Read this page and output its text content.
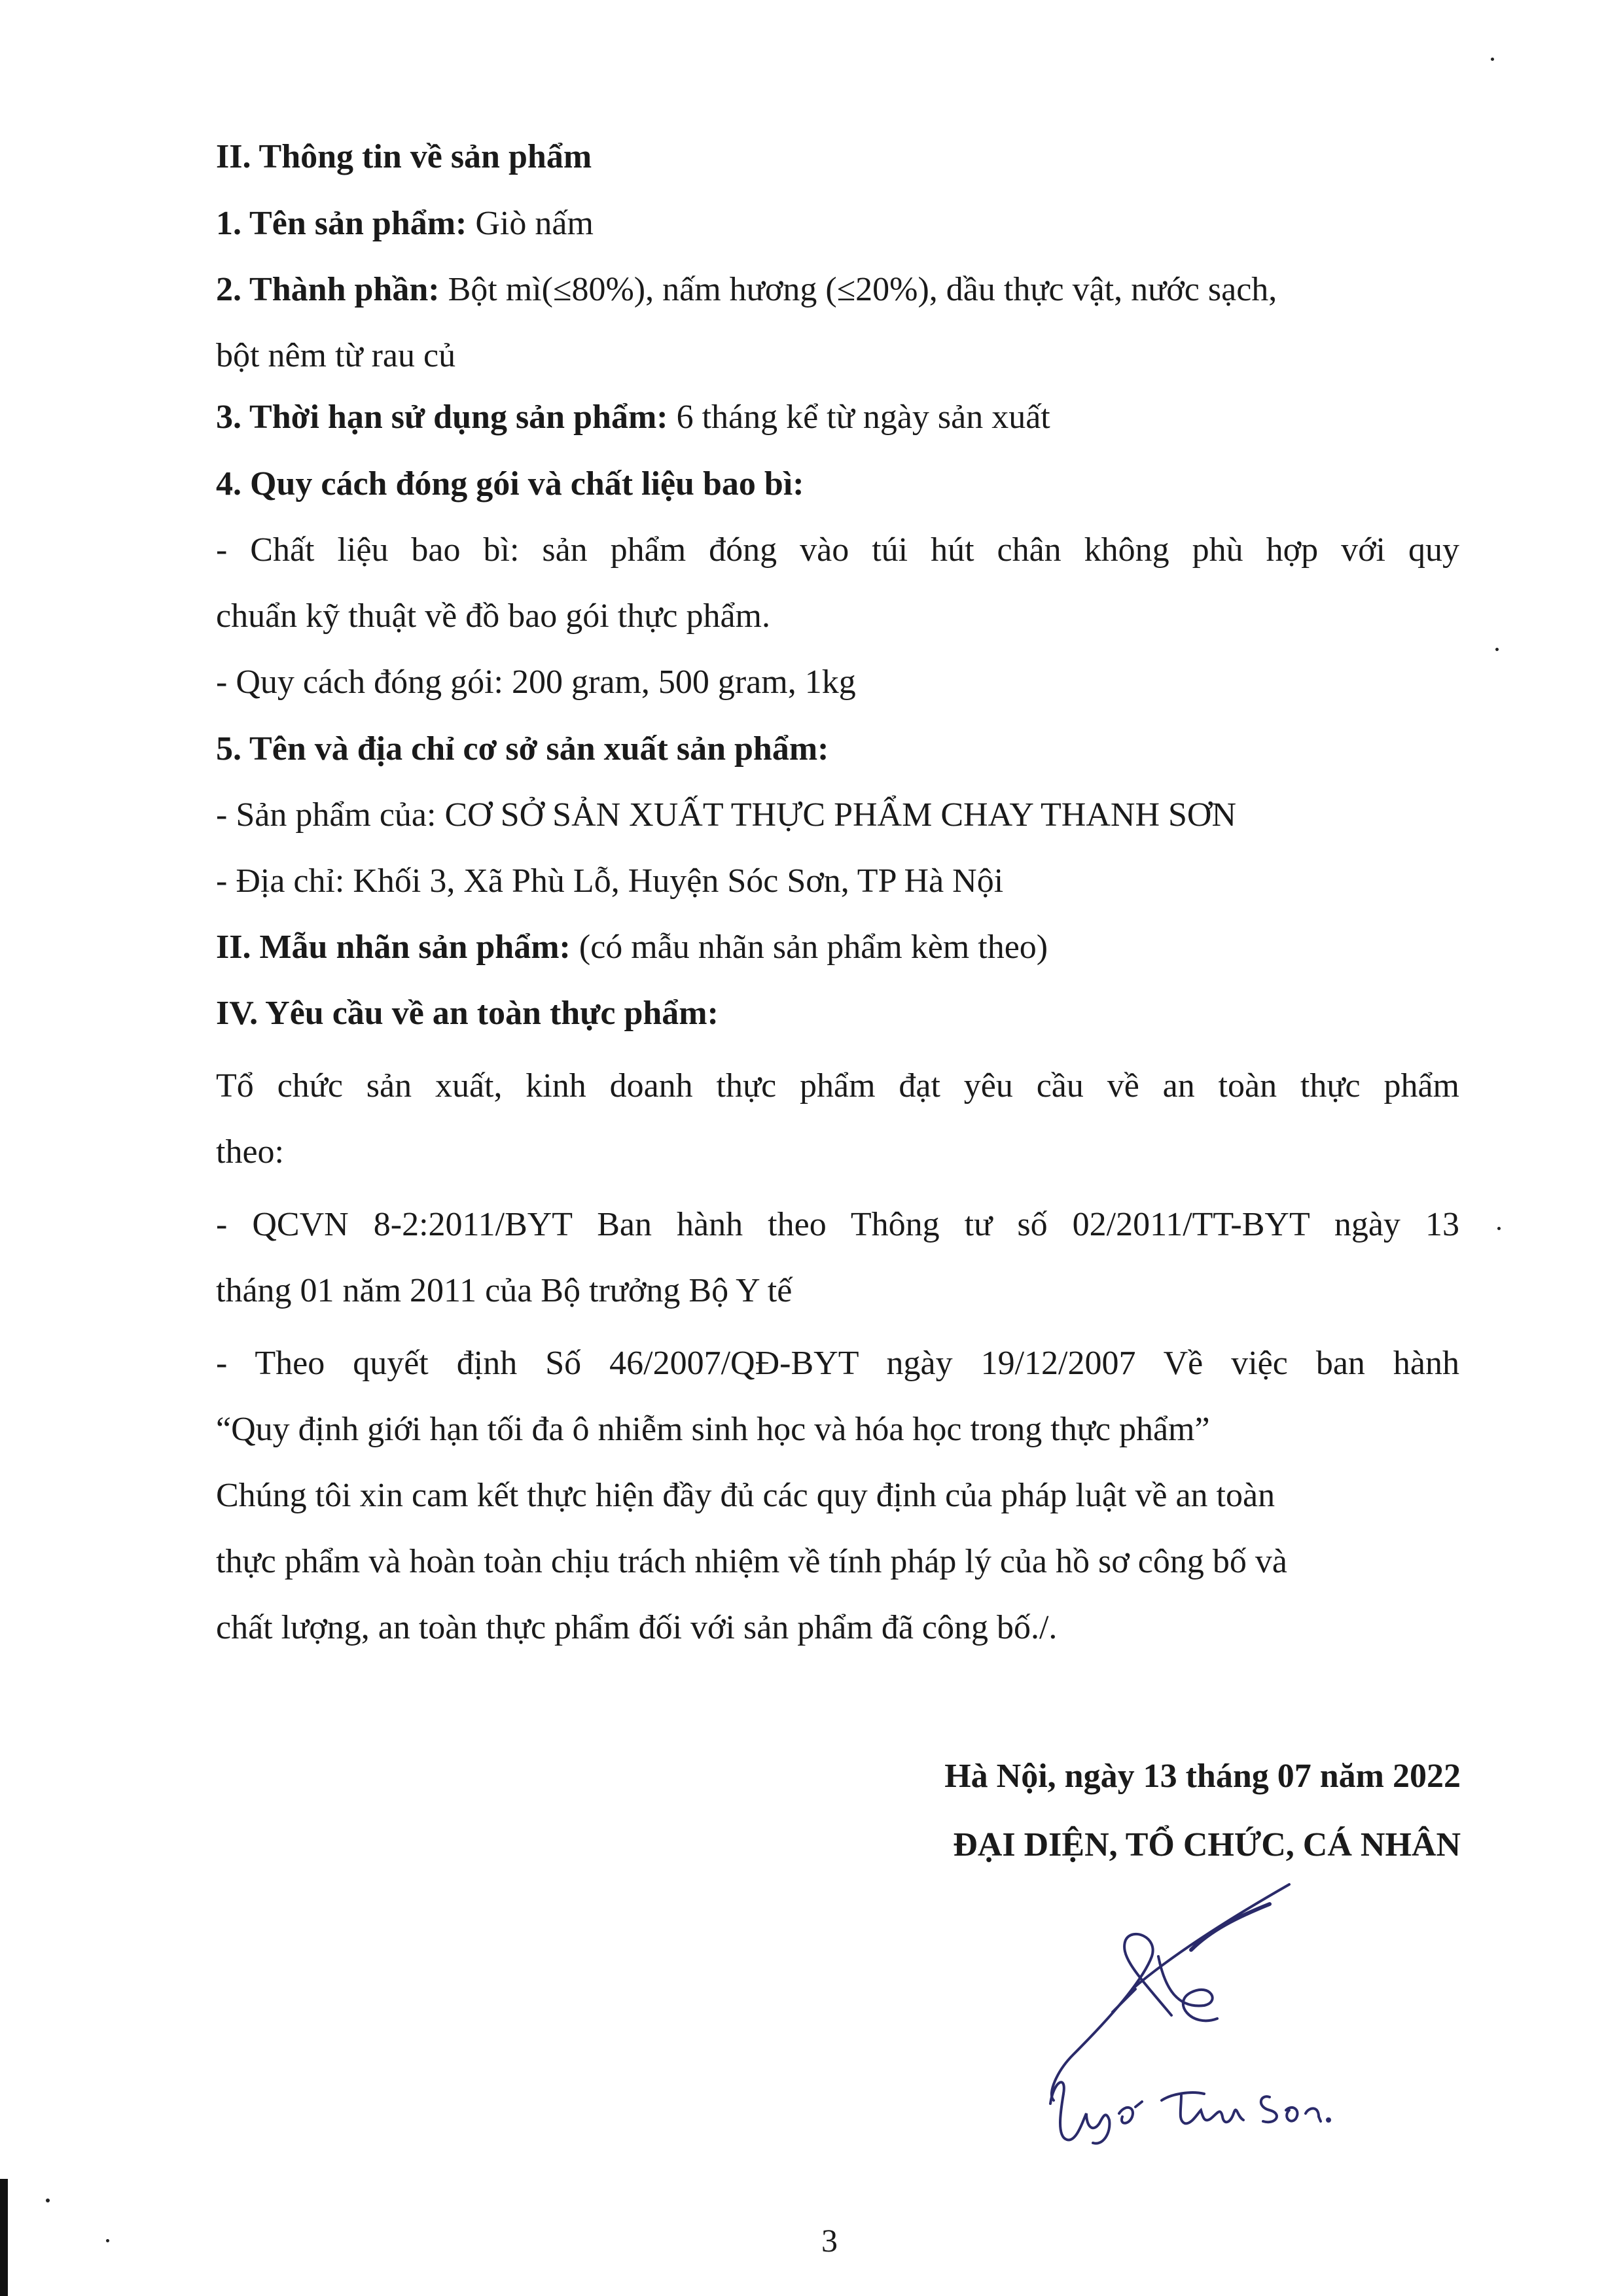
II. Thông tin về sản phẩm
1. Tên sản phẩm: Giò nấm
2. Thành phần: Bột mì(≤80%), nấm hương (≤20%), dầu thực vật, nước sạch,
bột nêm từ rau củ
3. Thời hạn sử dụng sản phẩm: 6 tháng kể từ ngày sản xuất
4. Quy cách đóng gói và chất liệu bao bì:
- Chất liệu bao bì: sản phẩm đóng vào túi hút chân không phù hợp với quy
chuẩn kỹ thuật về đồ bao gói thực phẩm.
- Quy cách đóng gói: 200 gram, 500 gram, 1kg
5. Tên và địa chỉ cơ sở sản xuất sản phẩm:
- Sản phẩm của: CƠ SỞ SẢN XUẤT THỰC PHẨM CHAY THANH SƠN
- Địa chỉ: Khối 3, Xã Phù Lỗ, Huyện Sóc Sơn, TP Hà Nội
II. Mẫu nhãn sản phẩm: (có mẫu nhãn sản phẩm kèm theo)
IV. Yêu cầu về an toàn thực phẩm:
Tổ chức sản xuất, kinh doanh thực phẩm đạt yêu cầu về an toàn thực phẩm
theo:
- QCVN 8-2:2011/BYT Ban hành theo Thông tư số 02/2011/TT-BYT ngày 13
tháng 01 năm 2011 của Bộ trưởng Bộ Y tế
- Theo quyết định Số 46/2007/QĐ-BYT ngày 19/12/2007 Về việc ban hành
“Quy định giới hạn tối đa ô nhiễm sinh học và hóa học trong thực phẩm”
Chúng tôi xin cam kết thực hiện đầy đủ các quy định của pháp luật về an toàn
thực phẩm và hoàn toàn chịu trách nhiệm về tính pháp lý của hồ sơ công bố và
chất lượng, an toàn thực phẩm đối với sản phẩm đã công bố./.
Hà Nội, ngày 13 tháng 07 năm 2022
ĐẠI DIỆN, TỔ CHỨC, CÁ NHÂN
3
